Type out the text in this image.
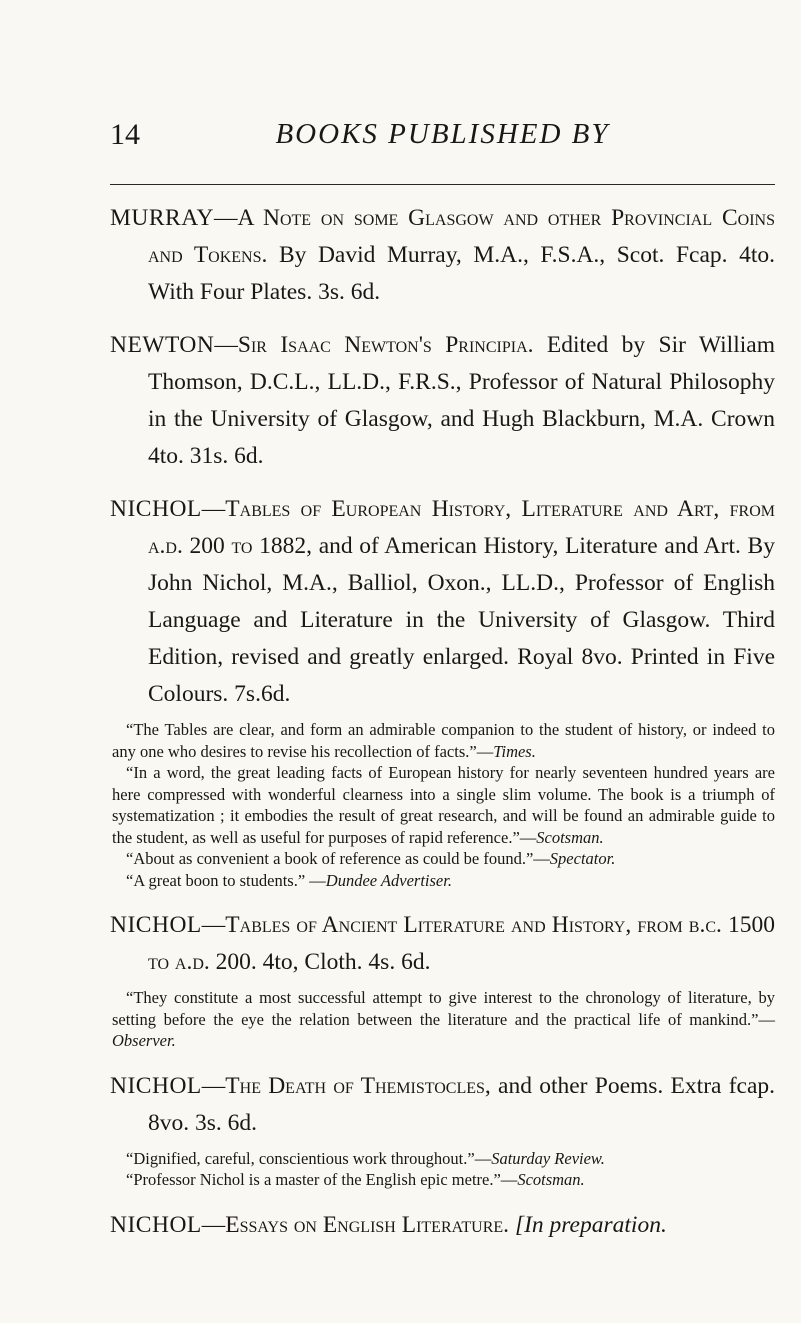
14	BOOKS PUBLISHED BY
MURRAY—A Note on some Glasgow and other Provincial Coins and Tokens. By David Murray, M.A., F.S.A., Scot. Fcap. 4to. With Four Plates. 3s. 6d.
NEWTON—Sir Isaac Newton's Principia. Edited by Sir William Thomson, D.C.L., LL.D., F.R.S., Professor of Natural Philosophy in the University of Glasgow, and Hugh Blackburn, M.A. Crown 4to. 31s. 6d.
NICHOL—Tables of European History, Literature and Art, from a.d. 200 to 1882, and of American History, Literature and Art. By John Nichol, M.A., Balliol, Oxon., LL.D., Professor of English Language and Literature in the University of Glasgow. Third Edition, revised and greatly enlarged. Royal 8vo. Printed in Five Colours. 7s.6d.

“The Tables are clear, and form an admirable companion to the student of history, or indeed to any one who desires to revise his recollection of facts.”—Times.

“In a word, the great leading facts of European history for nearly seventeen hundred years are here compressed with wonderful clearness into a single slim volume. The book is a triumph of systematization ; it embodies the result of great research, and will be found an admirable guide to the student, as well as useful for purposes of rapid reference.”—Scotsman.

“About as convenient a book of reference as could be found.”—Spectator.

“A great boon to students.” —Dundee Advertiser.

NICHOL—Tables of Ancient Literature and History, from b.c. 1500 to a.d. 200. 4to, Cloth. 4s. 6d.

“They constitute a most successful attempt to give interest to the chronology of literature, by setting before the eye the relation between the literature and the practical life of mankind.”—Observer.

NICHOL—The Death of Themistocles, and other Poems. Extra fcap. 8vo. 3s. 6d.

“Dignified, careful, conscientious work throughout.”—Saturday Review.

“Professor Nichol is a master of the English epic metre.”—Scotsman.

NICHOL—Essays on English Literature. [In preparation.
